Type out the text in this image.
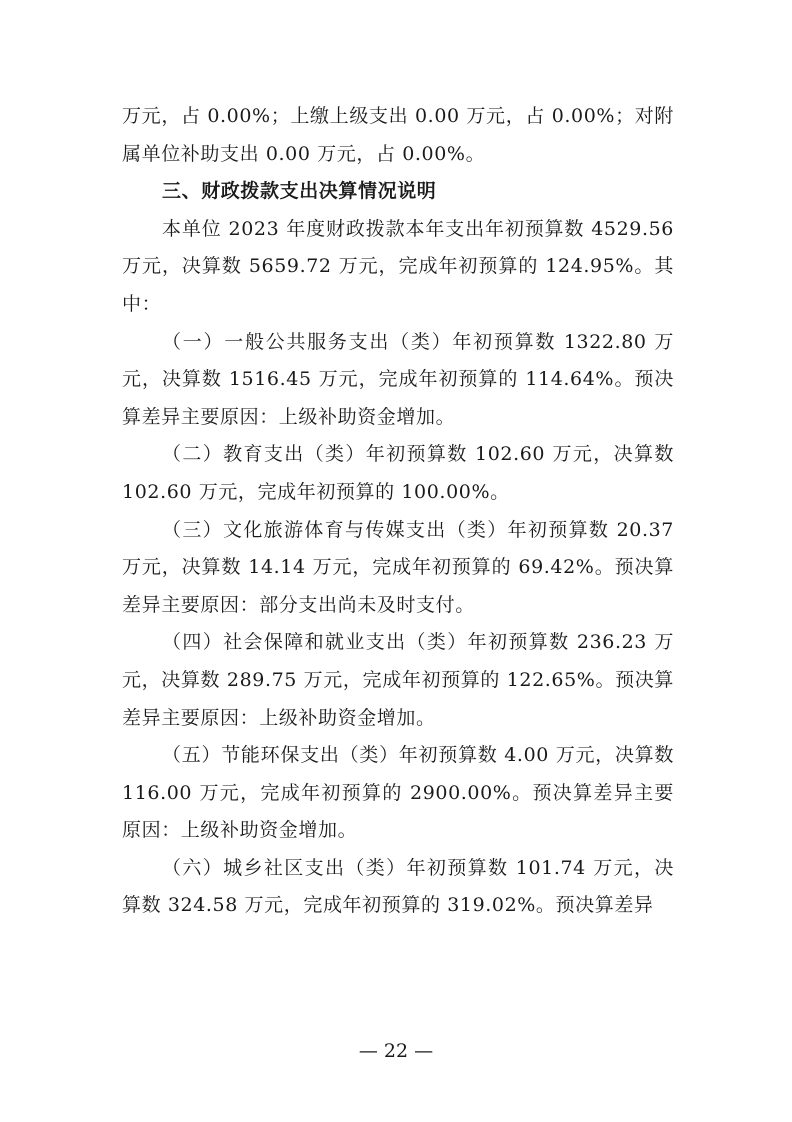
万元，占 0.00%；上缴上级支出 0.00 万元，占 0.00%；对附属单位补助支出 0.00 万元，占 0.00%。

三、财政拨款支出决算情况说明

本单位 2023 年度财政拨款本年支出年初预算数 4529.56 万元，决算数 5659.72 万元，完成年初预算的 124.95%。其中：

（一）一般公共服务支出（类）年初预算数 1322.80 万元，决算数 1516.45 万元，完成年初预算的 114.64%。预决算差异主要原因：上级补助资金增加。

（二）教育支出（类）年初预算数 102.60 万元，决算数 102.60 万元，完成年初预算的 100.00%。

（三）文化旅游体育与传媒支出（类）年初预算数 20.37 万元，决算数 14.14 万元，完成年初预算的 69.42%。预决算差异主要原因：部分支出尚未及时支付。

（四）社会保障和就业支出（类）年初预算数 236.23 万元，决算数 289.75 万元，完成年初预算的 122.65%。预决算差异主要原因：上级补助资金增加。

（五）节能环保支出（类）年初预算数 4.00 万元，决算数 116.00 万元，完成年初预算的 2900.00%。预决算差异主要原因：上级补助资金增加。

（六）城乡社区支出（类）年初预算数 101.74 万元，决算数 324.58 万元，完成年初预算的 319.02%。预决算差异

— 22 —
